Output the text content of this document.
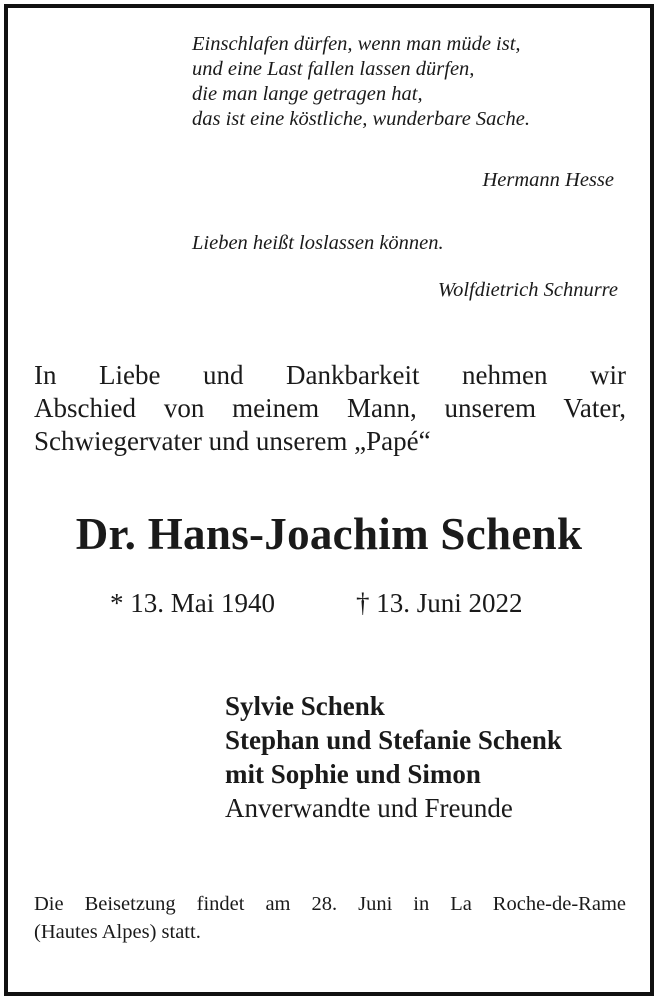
Einschlafen dürfen, wenn man müde ist,
und eine Last fallen lassen dürfen,
die man lange getragen hat,
das ist eine köstliche, wunderbare Sache.
Hermann Hesse
Lieben heißt loslassen können.
Wolfdietrich Schnurre
In Liebe und Dankbarkeit nehmen wir
Abschied von meinem Mann, unserem Vater,
Schwiegervater und unserem „Papé“
Dr. Hans-Joachim Schenk
* 13. Mai 1940	† 13. Juni 2022
Sylvie Schenk
Stephan und Stefanie Schenk
mit Sophie und Simon
Anverwandte und Freunde
Die Beisetzung findet am 28. Juni in La Roche-de-Rame
(Hautes Alpes) statt.
